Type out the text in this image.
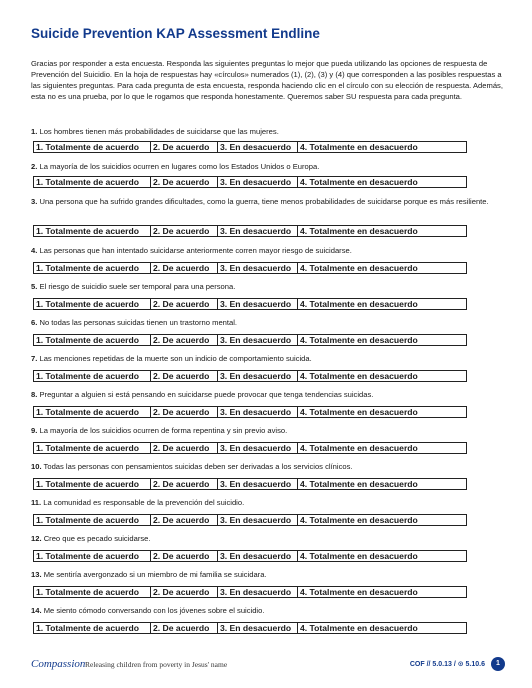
Suicide Prevention KAP Assessment Endline
Gracias por responder a esta encuesta. Responda las siguientes preguntas lo mejor que pueda utilizando las opciones de respuesta de Prevención del Suicidio. En la hoja de respuestas hay «círculos» numerados (1), (2), (3) y (4) que corresponden a las posibles respuestas a las siguientes preguntas. Para cada pregunta de esta encuesta, responda haciendo clic en el círculo con su elección de respuesta. Además, esta no es una prueba, por lo que le rogamos que responda honestamente. Queremos saber SU respuesta para cada pregunta.
1. Los hombres tienen más probabilidades de suicidarse que las mujeres.
1. Totalmente de acuerdo	2. De acuerdo	3. En desacuerdo	4. Totalmente en desacuerdo
2. La mayoría de los suicidios ocurren en lugares como los Estados Unidos o Europa.
1. Totalmente de acuerdo	2. De acuerdo	3. En desacuerdo	4. Totalmente en desacuerdo
3. Una persona que ha sufrido grandes dificultades, como la guerra, tiene menos probabilidades de suicidarse porque es más resiliente.
1. Totalmente de acuerdo	2. De acuerdo	3. En desacuerdo	4. Totalmente en desacuerdo
4. Las personas que han intentado suicidarse anteriormente corren mayor riesgo de suicidarse.
1. Totalmente de acuerdo	2. De acuerdo	3. En desacuerdo	4. Totalmente en desacuerdo
5. El riesgo de suicidio suele ser temporal para una persona.
1. Totalmente de acuerdo	2. De acuerdo	3. En desacuerdo	4. Totalmente en desacuerdo
6. No todas las personas suicidas tienen un trastorno mental.
1. Totalmente de acuerdo	2. De acuerdo	3. En desacuerdo	4. Totalmente en desacuerdo
7. Las menciones repetidas de la muerte son un indicio de comportamiento suicida.
1. Totalmente de acuerdo	2. De acuerdo	3. En desacuerdo	4. Totalmente en desacuerdo
8. Preguntar a alguien si está pensando en suicidarse puede provocar que tenga tendencias suicidas.
1. Totalmente de acuerdo	2. De acuerdo	3. En desacuerdo	4. Totalmente en desacuerdo
9. La mayoría de los suicidios ocurren de forma repentina y sin previo aviso.
1. Totalmente de acuerdo	2. De acuerdo	3. En desacuerdo	4. Totalmente en desacuerdo
10. Todas las personas con pensamientos suicidas deben ser derivadas a los servicios clínicos.
1. Totalmente de acuerdo	2. De acuerdo	3. En desacuerdo	4. Totalmente en desacuerdo
11. La comunidad es responsable de la prevención del suicidio.
1. Totalmente de acuerdo	2. De acuerdo	3. En desacuerdo	4. Totalmente en desacuerdo
12. Creo que es pecado suicidarse.
1. Totalmente de acuerdo	2. De acuerdo	3. En desacuerdo	4. Totalmente en desacuerdo
13. Me sentiría avergonzado si un miembro de mi familia se suicidara.
1. Totalmente de acuerdo	2. De acuerdo	3. En desacuerdo	4. Totalmente en desacuerdo
14. Me siento cómodo conversando con los jóvenes sobre el suicidio.
1. Totalmente de acuerdo	2. De acuerdo	3. En desacuerdo	4. Totalmente en desacuerdo
Compassion Releasing children from poverty in Jesus' name	COF // 5.0.13 / ⊙ 5.10.6	1
